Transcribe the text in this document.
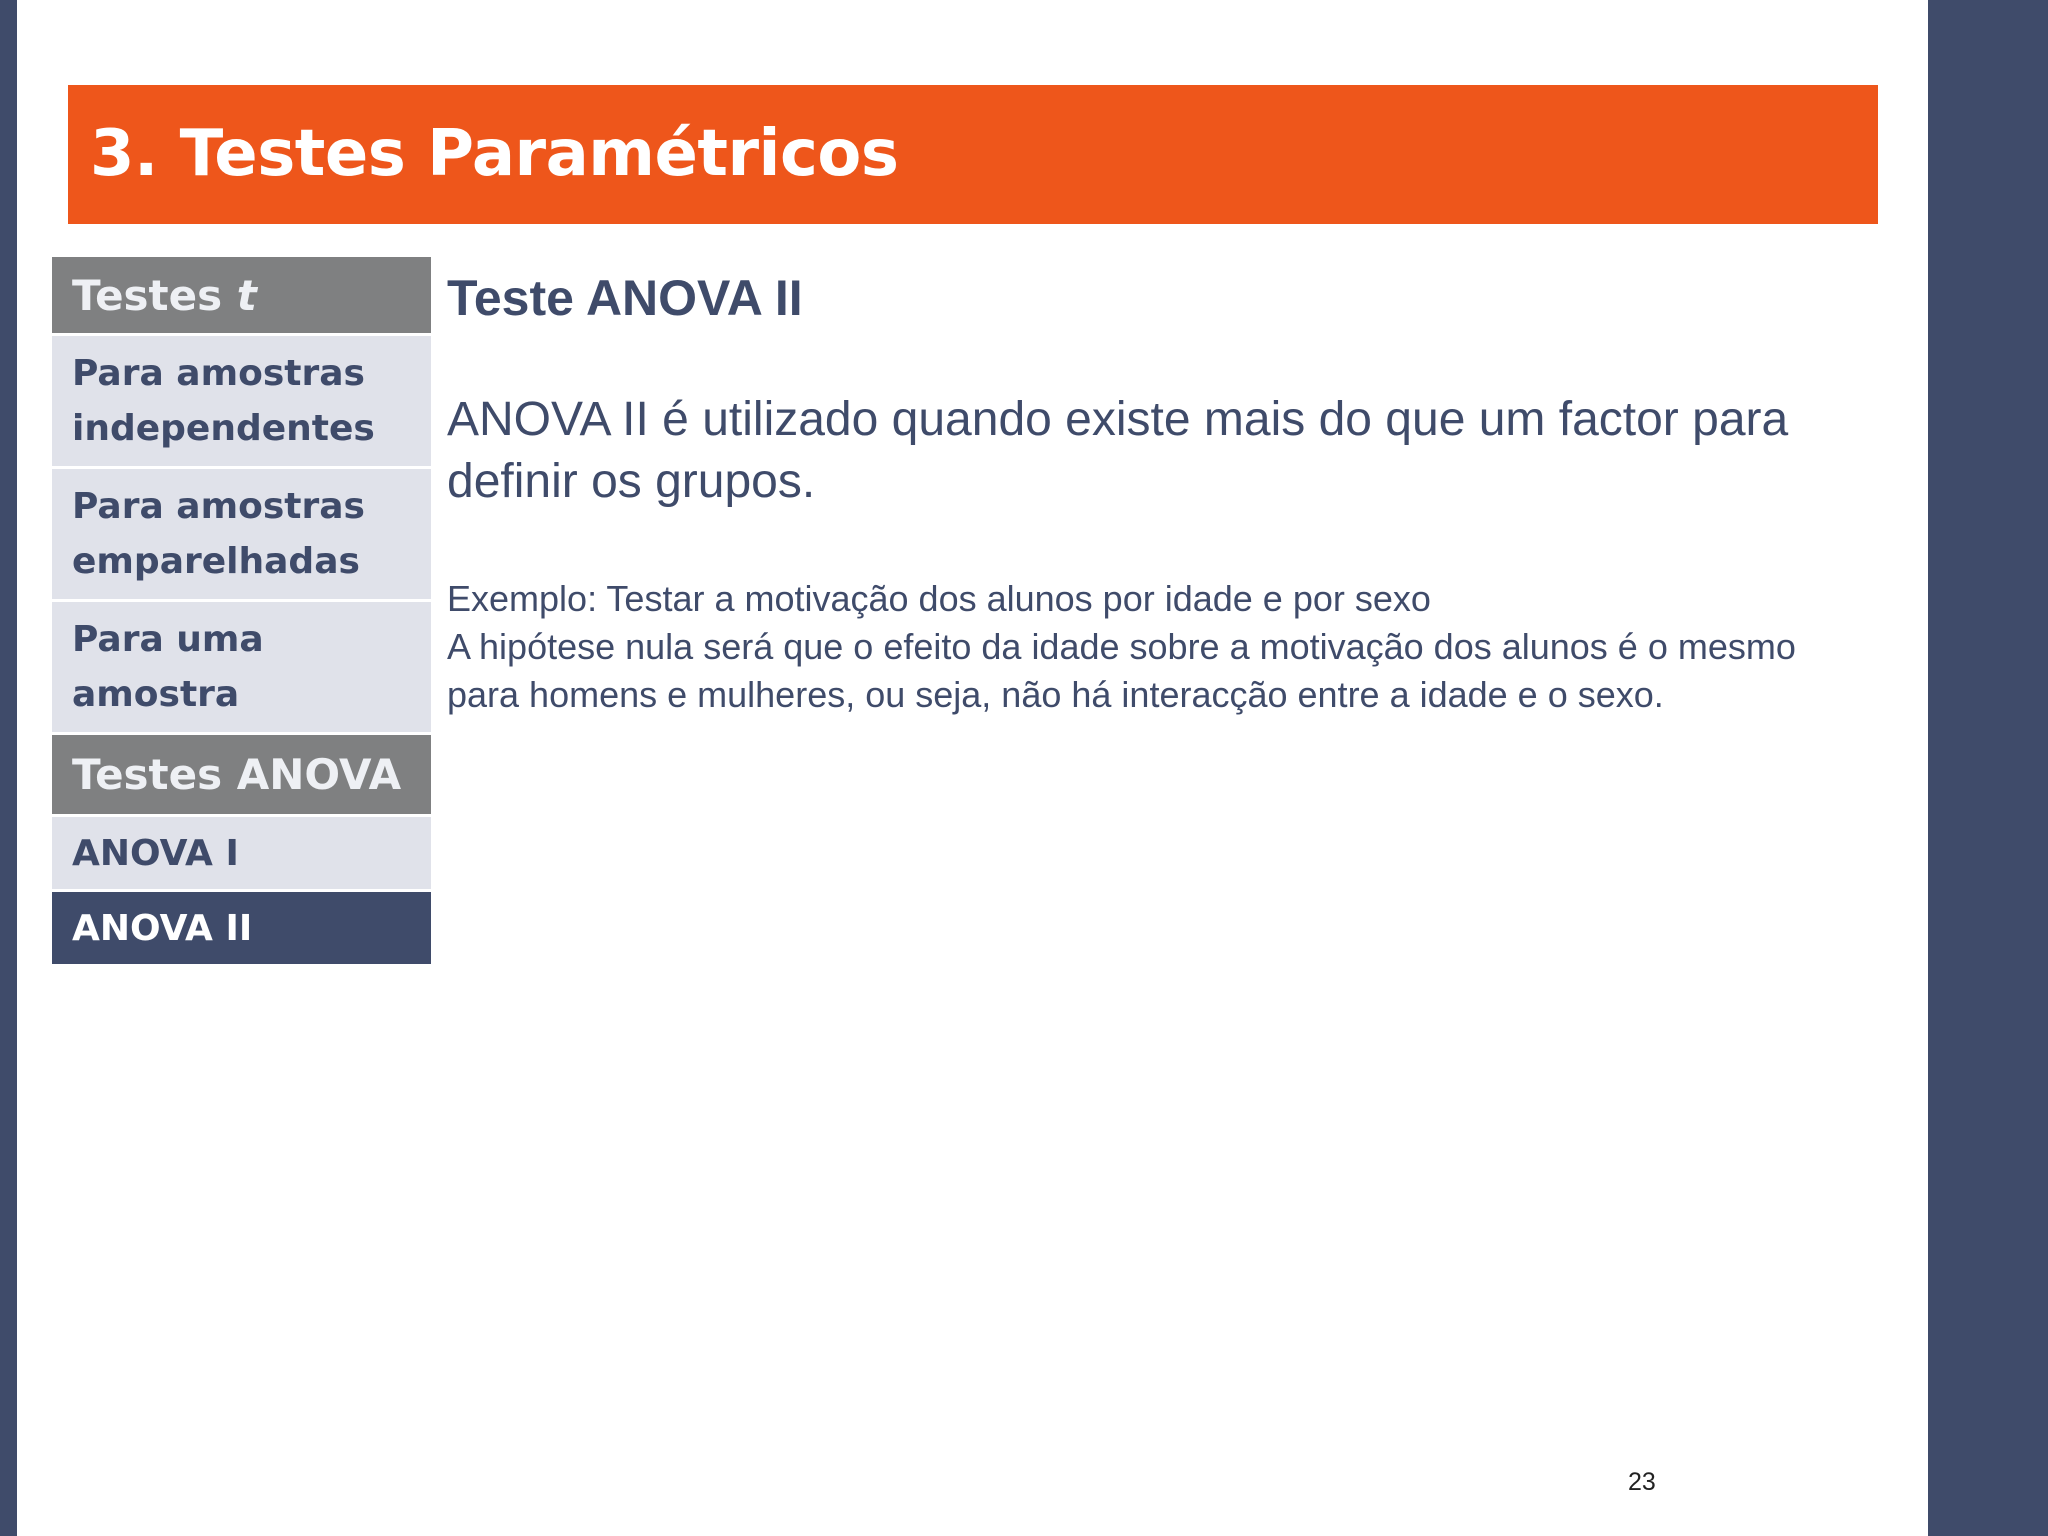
3. Testes Paramétricos
Testes t
Para amostras
independentes
Para amostras
emparelhadas
Para uma
amostra
Testes ANOVA
ANOVA I
ANOVA II
Teste ANOVA II

ANOVA II é utilizado quando existe mais do que um factor para definir os grupos.

Exemplo: Testar a motivação dos alunos por idade e por sexo
A hipótese nula será que o efeito da idade sobre a motivação dos alunos é o mesmo para homens e mulheres, ou seja, não há interacção entre a idade e o sexo.
23
